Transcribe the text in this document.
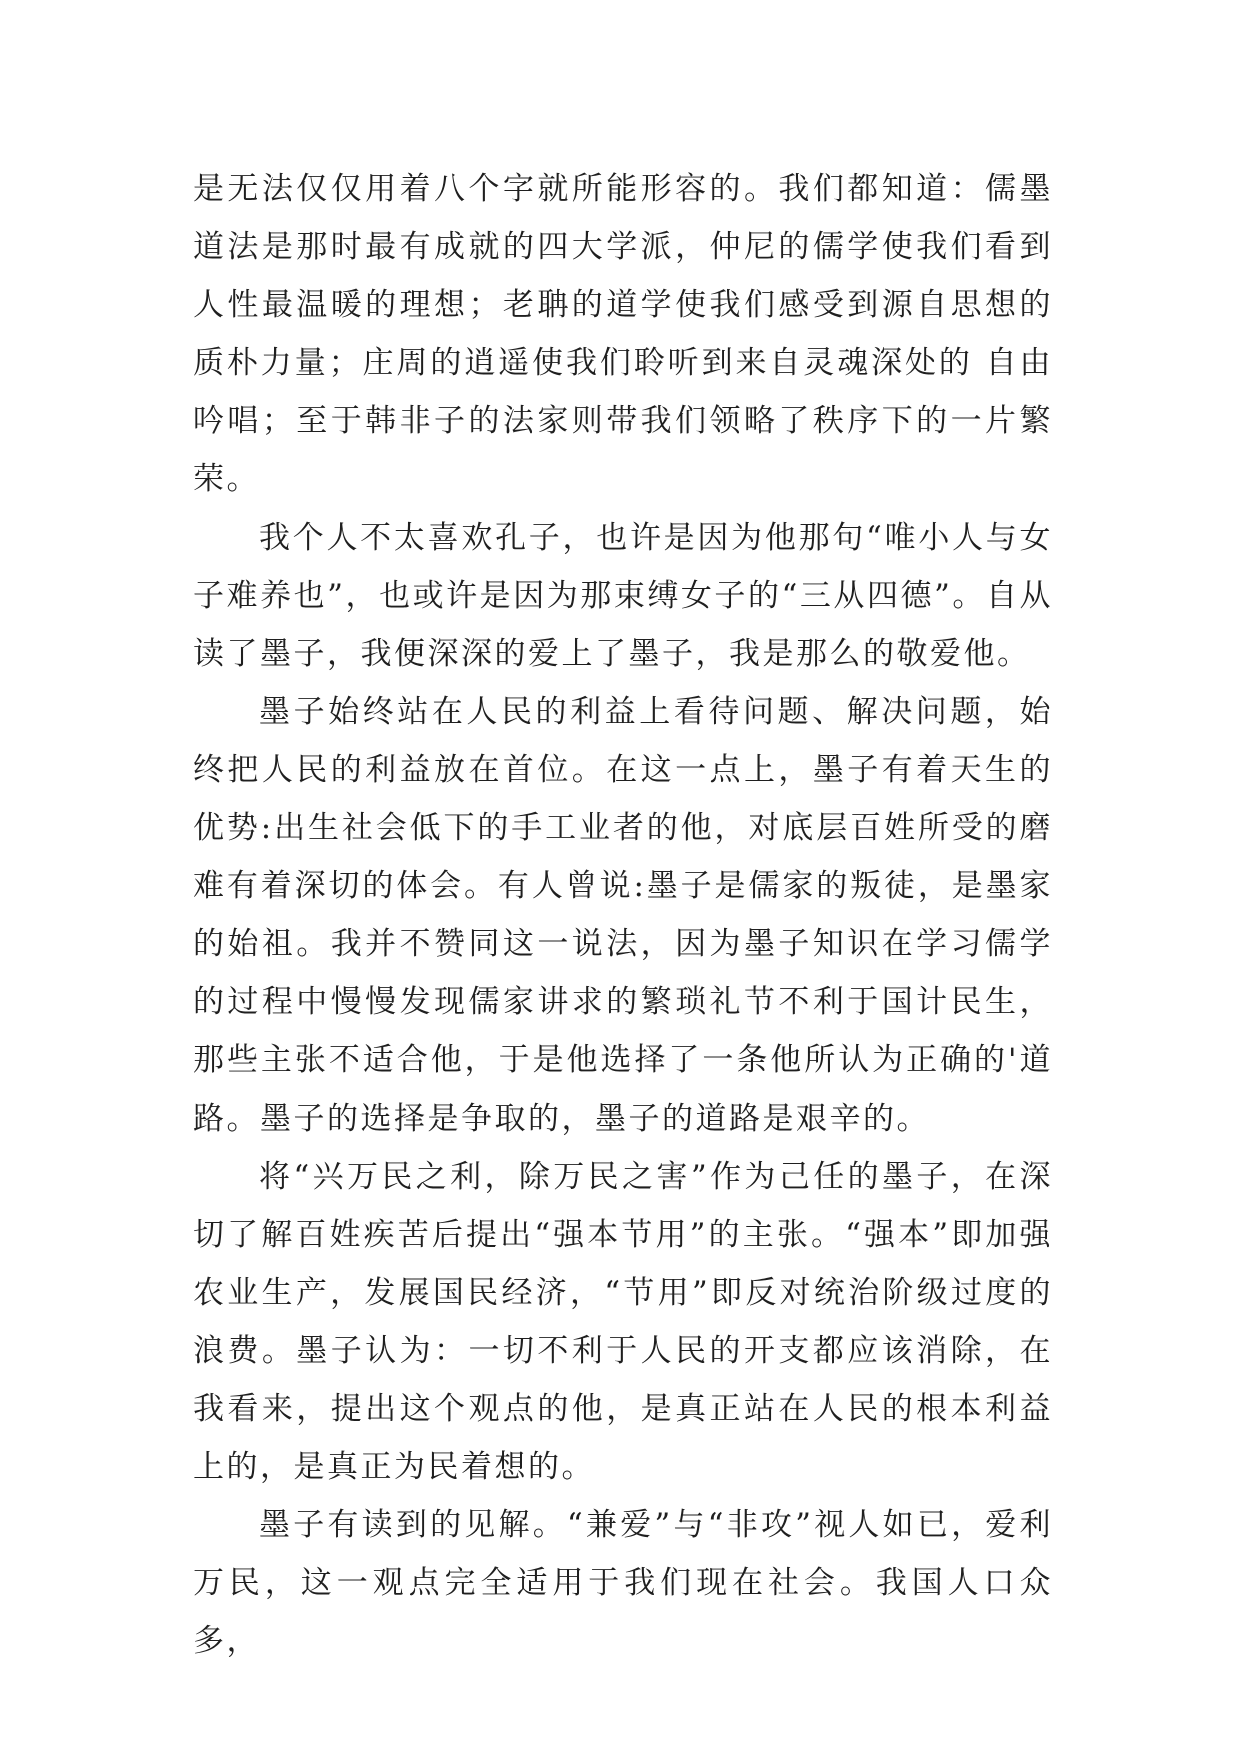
是无法仅仅用着八个字就所能形容的。我们都知道：儒墨道法是那时最有成就的四大学派，仲尼的儒学使我们看到人性最温暖的理想；老聃的道学使我们感受到源自思想的质朴力量；庄周的逍遥使我们聆听到来自灵魂深处的 自由吟唱；至于韩非子的法家则带我们领略了秩序下的一片繁荣。

我个人不太喜欢孔子，也许是因为他那句“唯小人与女子难养也”，也或许是因为那束缚女子的“三从四德”。自从读了墨子，我便深深的爱上了墨子，我是那么的敬爱他。

墨子始终站在人民的利益上看待问题、解决问题，始终把人民的利益放在首位。在这一点上，墨子有着天生的优势:出生社会低下的手工业者的他，对底层百姓所受的磨难有着深切的体会。有人曾说:墨子是儒家的叛徒，是墨家的始祖。我并不赞同这一说法，因为墨子知识在学习儒学的过程中慢慢发现儒家讲求的繁琐礼节不利于国计民生，那些主张不适合他，于是他选择了一条他所认为正确的'道路。墨子的选择是争取的，墨子的道路是艰辛的。

将“兴万民之利，除万民之害”作为己任的墨子，在深切了解百姓疾苦后提出“强本节用”的主张。“强本”即加强农业生产，发展国民经济，“节用”即反对统治阶级过度的浪费。墨子认为：一切不利于人民的开支都应该消除，在我看来，提出这个观点的他，是真正站在人民的根本利益上的，是真正为民着想的。

墨子有读到的见解。“兼爱”与“非攻”视人如已，爱利万民，这一观点完全适用于我们现在社会。我国人口众多，
